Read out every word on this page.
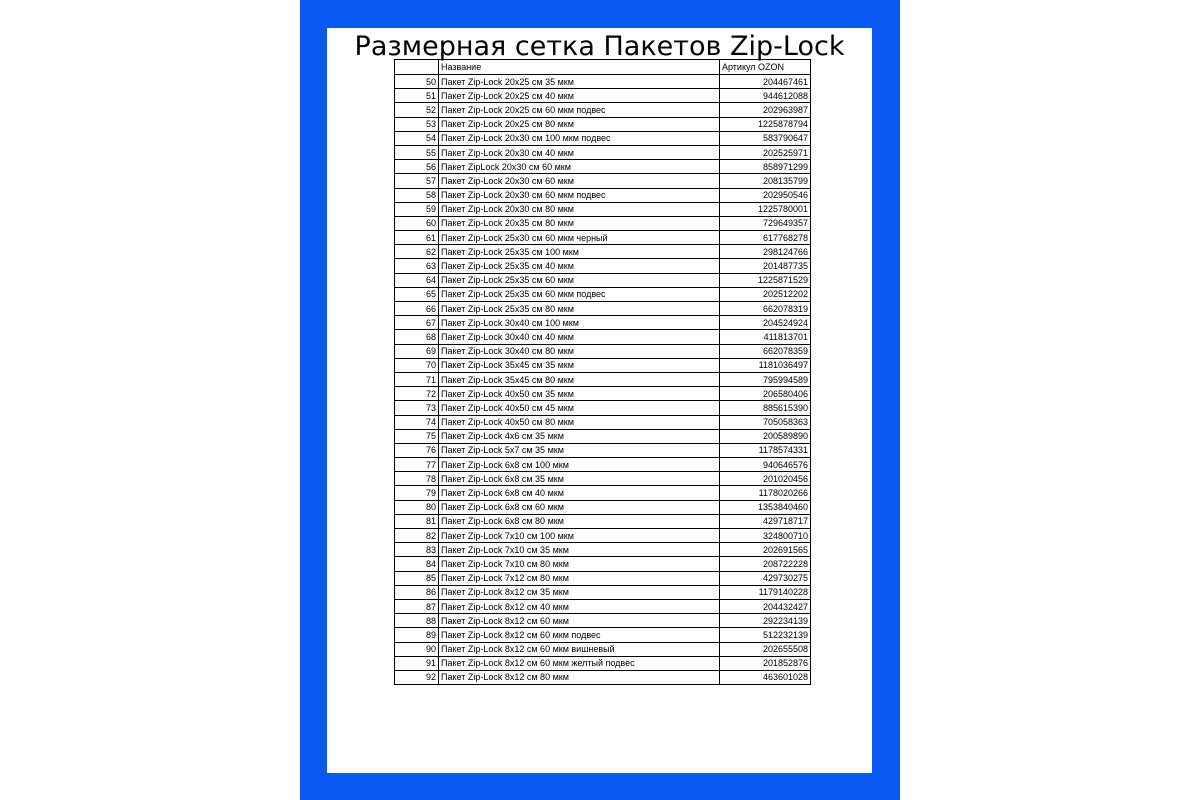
Размерная сетка Пакетов Zip-Lock
	Название	Артикул OZON
50	Пакет Zip-Lock 20x25 см 35 мкм	204467461
51	Пакет Zip-Lock 20x25 см 40 мкм	944612088
52	Пакет Zip-Lock 20x25 см 60 мкм подвес	202963987
53	Пакет Zip-Lock 20x25 см 80 мкм	1225878794
54	Пакет Zip-Lock 20x30 см 100 мкм подвес	583790647
55	Пакет Zip-Lock 20x30 см 40 мкм	202525971
56	Пакет ZipLock 20x30 см 60 мкм	858971299
57	Пакет Zip-Lock 20x30 см 60 мкм	208135799
58	Пакет Zip-Lock 20x30 см 60 мкм подвес	202950546
59	Пакет Zip-Lock 20x30 см 80 мкм	1225780001
60	Пакет Zip-Lock 20x35 см 80 мкм	729649357
61	Пакет Zip-Lock 25x30 см 60 мкм черный	617768278
62	Пакет Zip-Lock 25x35 см 100 мкм	298124766
63	Пакет Zip-Lock 25x35 см 40 мкм	201487735
64	Пакет Zip-Lock 25x35 см 60 мкм	1225871529
65	Пакет Zip-Lock 25x35 см 60 мкм подвес	202512202
66	Пакет Zip-Lock 25x35 см 80 мкм	662078319
67	Пакет Zip-Lock 30x40 см 100 мкм	204524924
68	Пакет Zip-Lock 30x40 см 40 мкм	411813701
69	Пакет Zip-Lock 30x40 см 80 мкм	662078359
70	Пакет Zip-Lock 35x45 см 35 мкм	1181036497
71	Пакет Zip-Lock 35x45 см 80 мкм	795994589
72	Пакет Zip-Lock 40x50 см 35 мкм	206580406
73	Пакет Zip-Lock 40x50 см 45 мкм	885615390
74	Пакет Zip-Lock 40x50 см 80 мкм	705058363
75	Пакет Zip-Lock 4x6 см 35 мкм	200589890
76	Пакет Zip-Lock 5x7 см 35 мкм	1178574331
77	Пакет Zip-Lock 6x8 см 100 мкм	940646576
78	Пакет Zip-Lock 6x8 см 35 мкм	201020456
79	Пакет Zip-Lock 6x8 см 40 мкм	1178020266
80	Пакет Zip-Lock 6x8 см 60 мкм	1353840460
81	Пакет Zip-Lock 6x8 см 80 мкм	429718717
82	Пакет Zip-Lock 7x10 см 100 мкм	324800710
83	Пакет Zip-Lock 7x10 см 35 мкм	202691565
84	Пакет Zip-Lock 7x10 см 80 мкм	208722228
85	Пакет Zip-Lock 7x12 см 80 мкм	429730275
86	Пакет Zip-Lock 8x12 см 35 мкм	1179140228
87	Пакет Zip-Lock 8x12 см 40 мкм	204432427
88	Пакет Zip-Lock 8x12 см 60 мкм	292234139
89	Пакет Zip-Lock 8x12 см 60 мкм подвес	512232139
90	Пакет Zip-Lock 8x12 см 60 мкм вишневый	202655508
91	Пакет Zip-Lock 8x12 см 60 мкм желтый подвес	201852876
92	Пакет Zip-Lock 8x12 см 80 мкм	463601028
